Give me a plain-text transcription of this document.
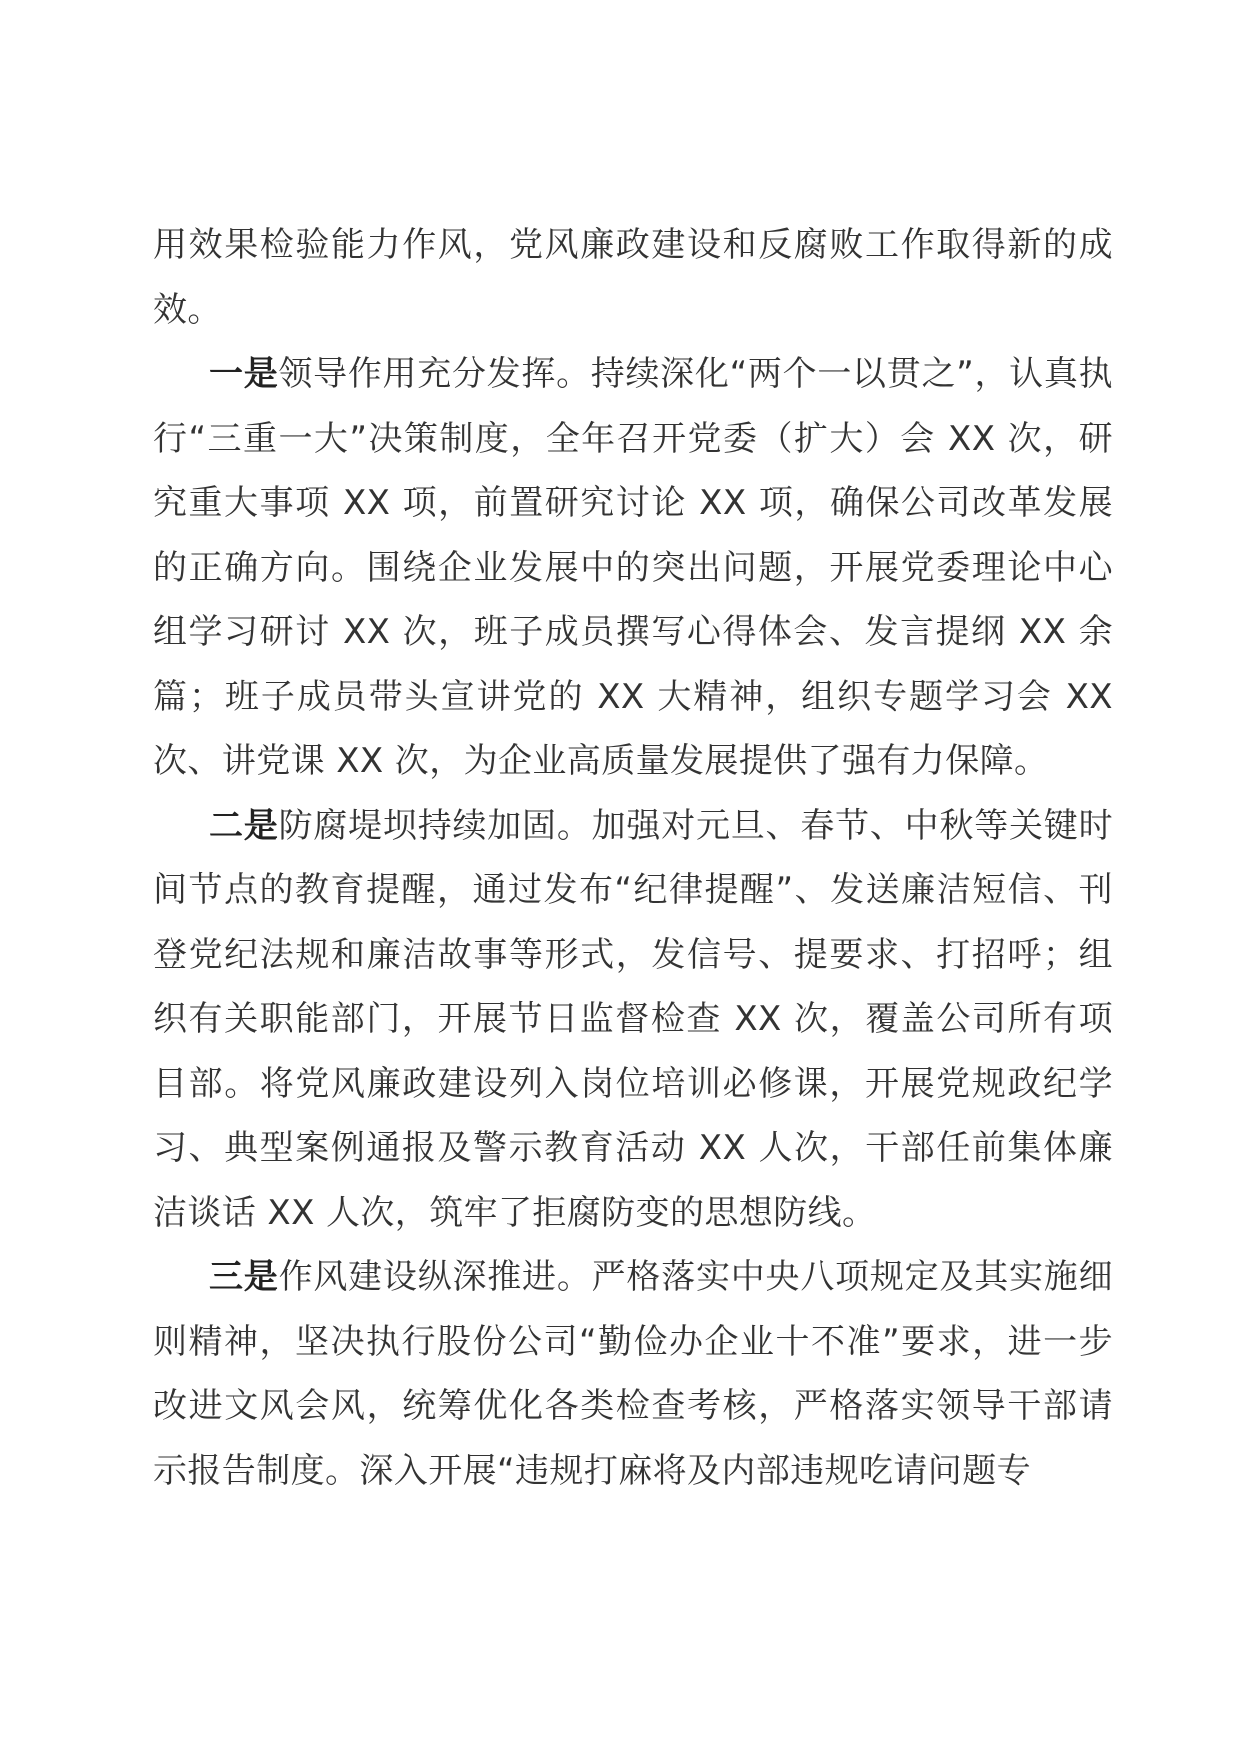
用效果检验能力作风，党风廉政建设和反腐败工作取得新的成效。

一是领导作用充分发挥。持续深化“两个一以贯之”，认真执行“三重一大”决策制度，全年召开党委（扩大）会 XX 次，研究重大事项 XX 项，前置研究讨论 XX 项，确保公司改革发展的正确方向。围绕企业发展中的突出问题，开展党委理论中心组学习研讨 XX 次，班子成员撰写心得体会、发言提纲 XX 余篇；班子成员带头宣讲党的 XX 大精神，组织专题学习会 XX 次、讲党课 XX 次，为企业高质量发展提供了强有力保障。

二是防腐堤坝持续加固。加强对元旦、春节、中秋等关键时间节点的教育提醒，通过发布“纪律提醒”、发送廉洁短信、刊登党纪法规和廉洁故事等形式，发信号、提要求、打招呼；组织有关职能部门，开展节日监督检查 XX 次，覆盖公司所有项目部。将党风廉政建设列入岗位培训必修课，开展党规政纪学习、典型案例通报及警示教育活动 XX 人次，干部任前集体廉洁谈话 XX 人次，筑牢了拒腐防变的思想防线。

三是作风建设纵深推进。严格落实中央八项规定及其实施细则精神，坚决执行股份公司“勤俭办企业十不准”要求，进一步改进文风会风，统筹优化各类检查考核，严格落实领导干部请示报告制度。深入开展“违规打麻将及内部违规吃请问题专
